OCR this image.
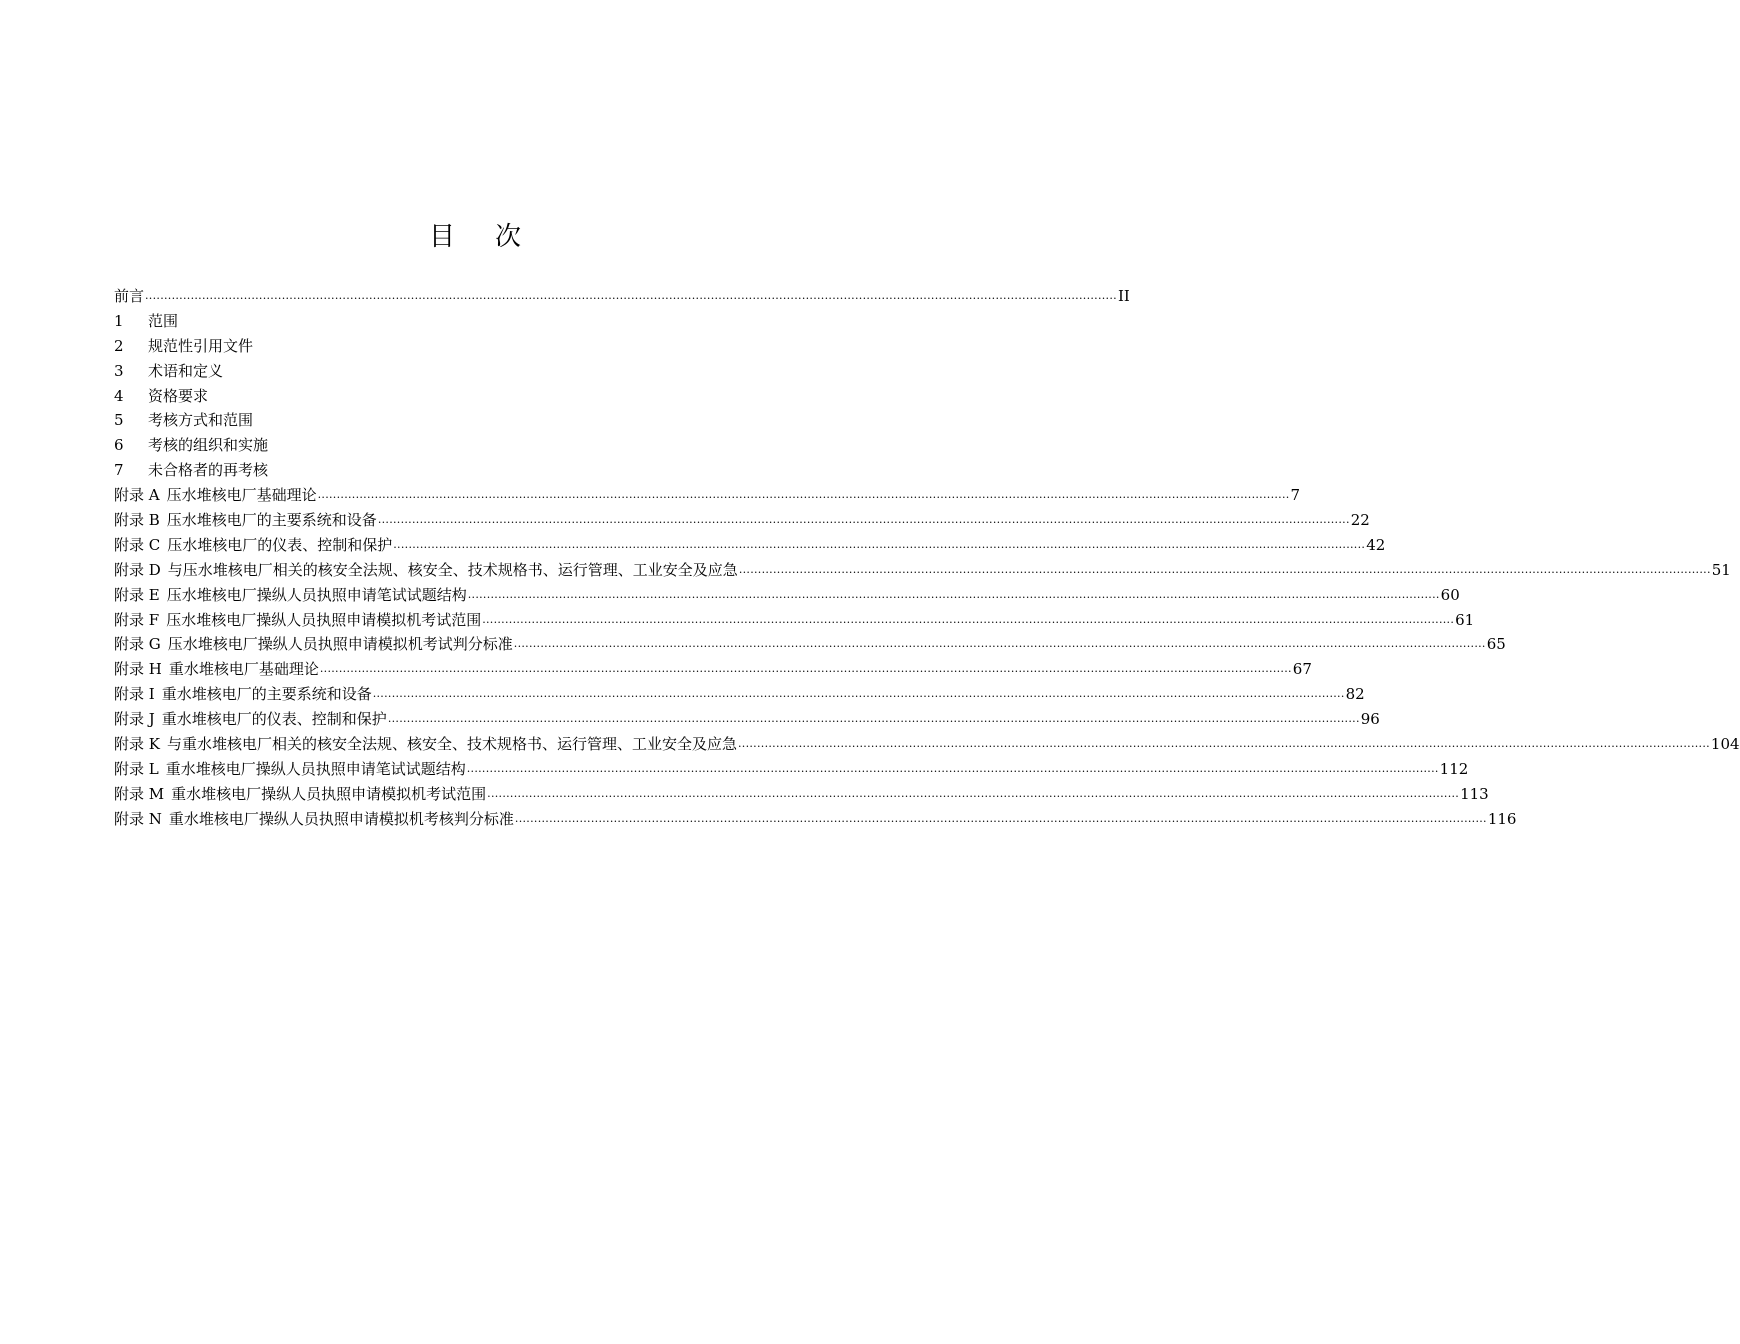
目 次
前言 ................................................................................................................................................................................................................................................................ II
1 范围
2 规范性引用文件
3 术语和定义
4 资格要求
5 考核方式和范围
6 考核的组织和实施
7 未合格者的再考核
附录 A 压水堆核电厂基础理论 ................................................................................................................................................................................................................................................................ 7
附录 B 压水堆核电厂的主要系统和设备 ................................................................................................................................................................................................................................................................ 22
附录 C 压水堆核电厂的仪表、控制和保护 ................................................................................................................................................................................................................................................................ 42
附录 D 与压水堆核电厂相关的核安全法规、核安全、技术规格书、运行管理、工业安全及应急 ................................................................................................................................................................................................................................................................ 51
附录 E 压水堆核电厂操纵人员执照申请笔试试题结构 ................................................................................................................................................................................................................................................................ 60
附录 F 压水堆核电厂操纵人员执照申请模拟机考试范围 ................................................................................................................................................................................................................................................................ 61
附录 G 压水堆核电厂操纵人员执照申请模拟机考试判分标准 ................................................................................................................................................................................................................................................................ 65
附录 H 重水堆核电厂基础理论 ................................................................................................................................................................................................................................................................ 67
附录 I 重水堆核电厂的主要系统和设备 ................................................................................................................................................................................................................................................................ 82
附录 J 重水堆核电厂的仪表、控制和保护 ................................................................................................................................................................................................................................................................ 96
附录 K 与重水堆核电厂相关的核安全法规、核安全、技术规格书、运行管理、工业安全及应急 ................................................................................................................................................................................................................................................................ 104
附录 L 重水堆核电厂操纵人员执照申请笔试试题结构 ................................................................................................................................................................................................................................................................ 112
附录 M 重水堆核电厂操纵人员执照申请模拟机考试范围 ................................................................................................................................................................................................................................................................ 113
附录 N 重水堆核电厂操纵人员执照申请模拟机考核判分标准 ................................................................................................................................................................................................................................................................ 116
